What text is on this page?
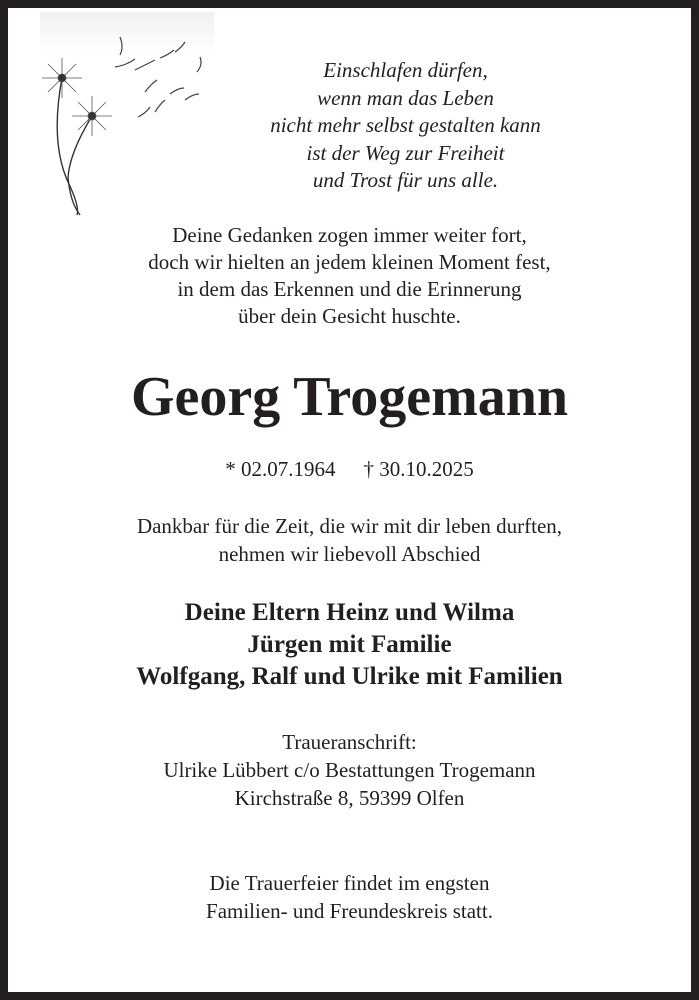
Einschlafen dürfen,
wenn man das Leben
nicht mehr selbst gestalten kann
ist der Weg zur Freiheit
und Trost für uns alle.
Deine Gedanken zogen immer weiter fort,
doch wir hielten an jedem kleinen Moment fest,
in dem das Erkennen und die Erinnerung
über dein Gesicht huschte.
Georg Trogemann
* 02.07.1964 † 30.10.2025
Dankbar für die Zeit, die wir mit dir leben durften,
nehmen wir liebevoll Abschied
Deine Eltern Heinz und Wilma
Jürgen mit Familie
Wolfgang, Ralf und Ulrike mit Familien
Traueranschrift:
Ulrike Lübbert c/o Bestattungen Trogemann
Kirchstraße 8, 59399 Olfen
Die Trauerfeier findet im engsten
Familien- und Freundeskreis statt.
